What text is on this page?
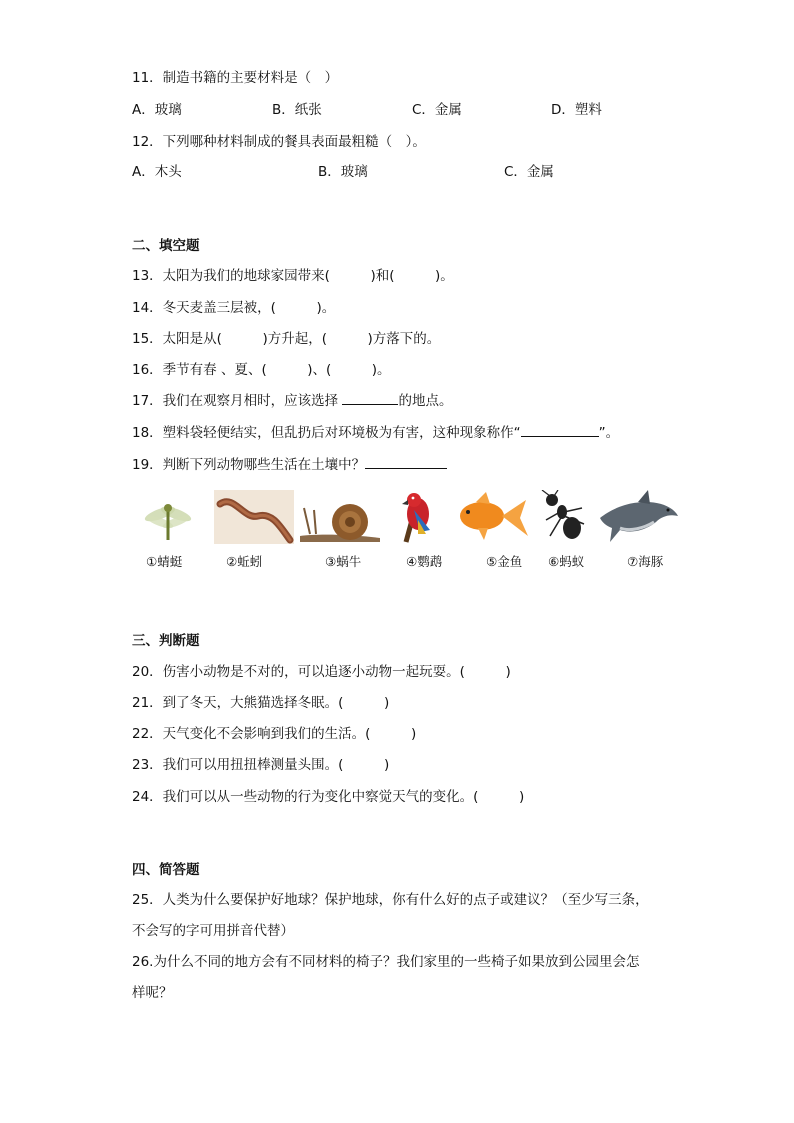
11．制造书籍的主要材料是（　）
A．玻璃	B．纸张	C．金属	D．塑料
12．下列哪种材料制成的餐具表面最粗糙（　）。
A．木头	B．玻璃	C．金属
二、填空题
13．太阳为我们的地球家园带来(　　　)和(　　　)。
14．冬天麦盖三层被，(　　　)。
15．太阳是从(　　　)方升起，(　　　)方落下的。
16．季节有春 、夏、(　　　)、(　　　)。
17．我们在观察月相时，应该选择	的地点。
18．塑料袋轻便结实，但乱扔后对环境极为有害，这种现象称作“	”。
19．判断下列动物哪些生活在土壤中？
①蜻蜓	②蚯蚓	③蜗牛	④鹦鹉	⑤金鱼 ⑥蚂蚁	⑦海豚
三、判断题
20．伤害小动物是不对的，可以追逐小动物一起玩耍。(　　　)
21．到了冬天，大熊猫选择冬眠。(　　　)
22．天气变化不会影响到我们的生活。(　　　)
23．我们可以用扭扭棒测量头围。(　　　)
24．我们可以从一些动物的行为变化中察觉天气的变化。(　　　)
四、简答题
25．人类为什么要保护好地球？保护地球，你有什么好的点子或建议？（至少写三条，
不会写的字可用拼音代替）
26.为什么不同的地方会有不同材料的椅子？我们家里的一些椅子如果放到公园里会怎
样呢？
